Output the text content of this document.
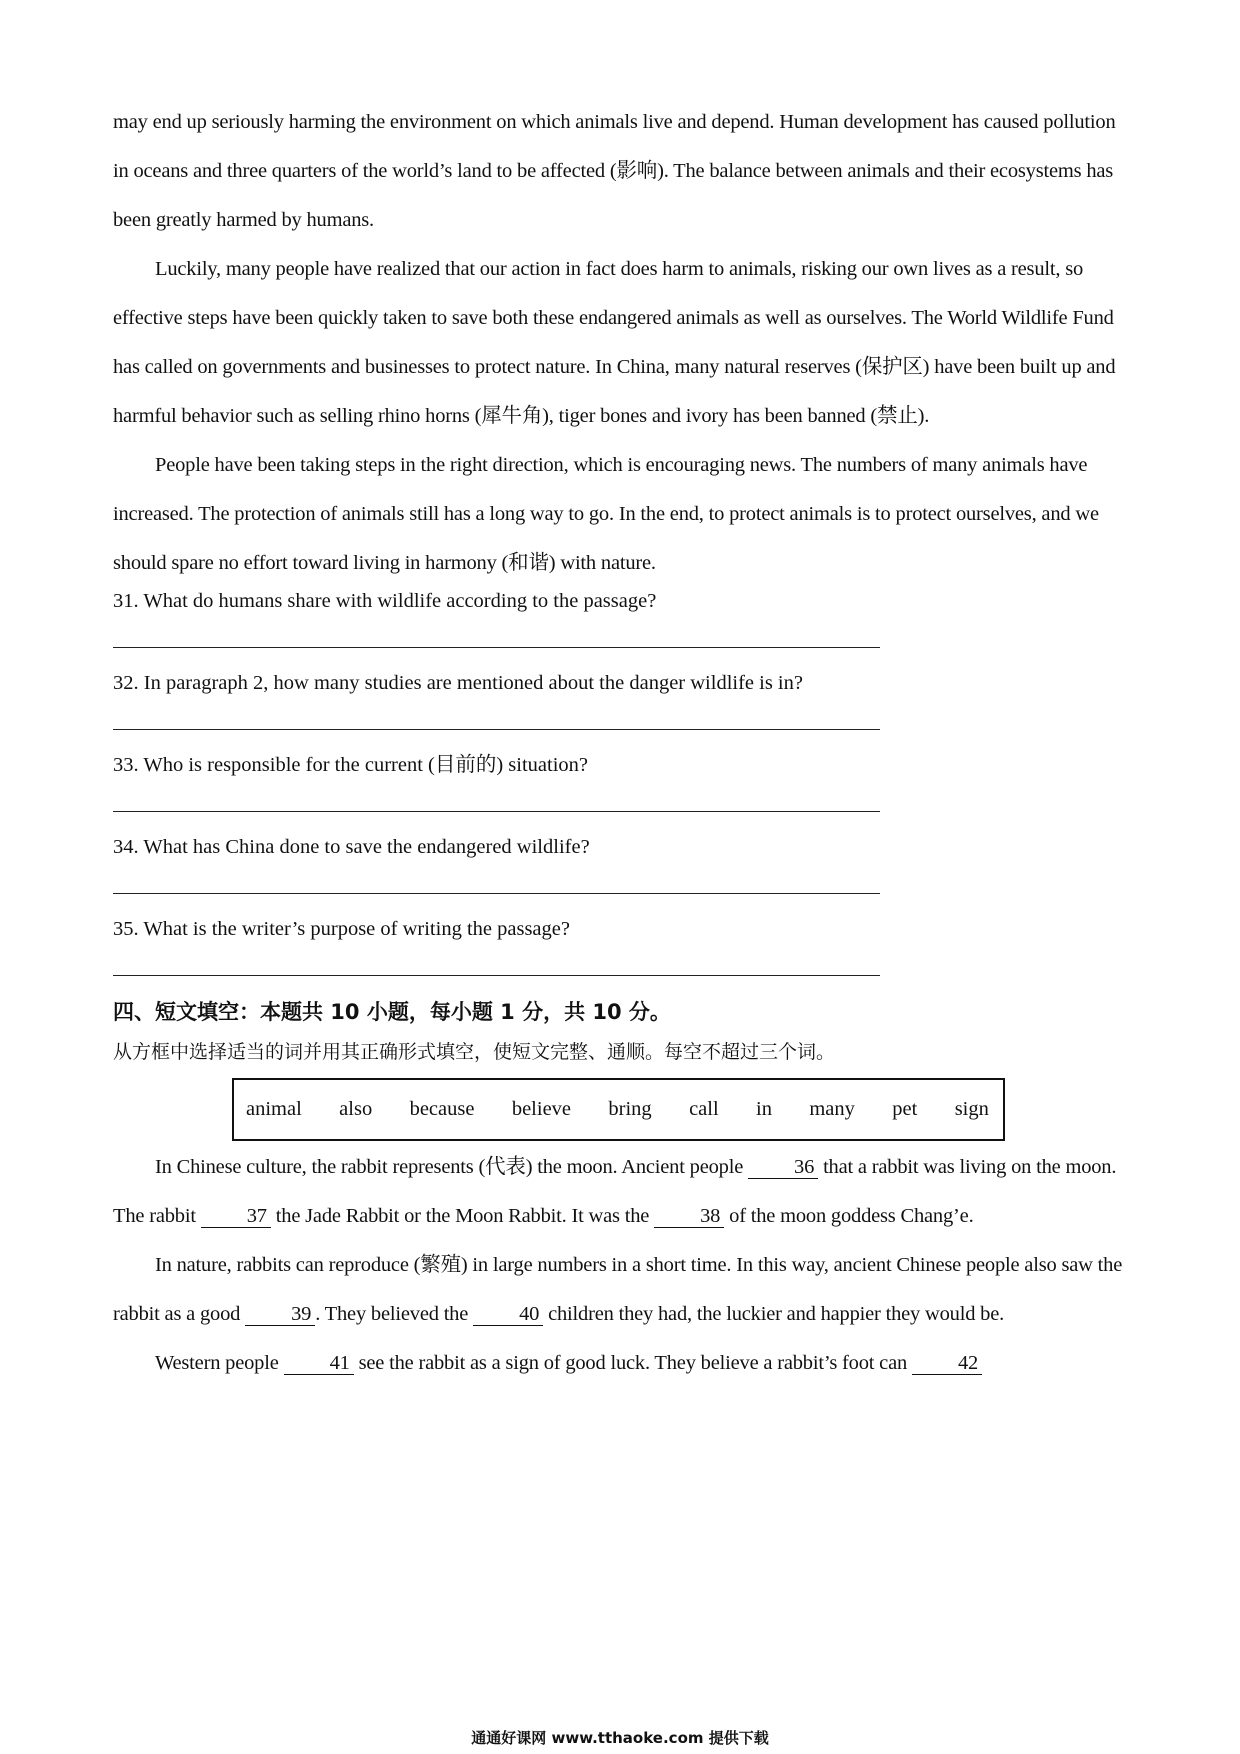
may end up seriously harming the environment on which animals live and depend. Human development has caused pollution in oceans and three quarters of the world’s land to be affected (影响). The balance between animals and their ecosystems has been greatly harmed by humans.

Luckily, many people have realized that our action in fact does harm to animals, risking our own lives as a result, so effective steps have been quickly taken to save both these endangered animals as well as ourselves. The World Wildlife Fund has called on governments and businesses to protect nature. In China, many natural reserves (保护区) have been built up and harmful behavior such as selling rhino horns (犀牛角), tiger bones and ivory has been banned (禁止).

People have been taking steps in the right direction, which is encouraging news. The numbers of many animals have increased. The protection of animals still has a long way to go. In the end, to protect animals is to protect ourselves, and we should spare no effort toward living in harmony (和谐) with nature.

31. What do humans share with wildlife according to the passage?

32. In paragraph 2, how many studies are mentioned about the danger wildlife is in?

33. Who is responsible for the current (目前的) situation?

34. What has China done to save the endangered wildlife?

35. What is the writer’s purpose of writing the passage?

四、短文填空：本题共 10 小题，每小题 1 分，共 10 分。

从方框中选择适当的词并用其正确形式填空，使短文完整、通顺。每空不超过三个词。

animal also because believe bring call in many pet sign

In Chinese culture, the rabbit represents (代表) the moon. Ancient people 36 that a rabbit was living on the moon. The rabbit 37 the Jade Rabbit or the Moon Rabbit. It was the 38 of the moon goddess Chang’e.

In nature, rabbits can reproduce (繁殖) in large numbers in a short time. In this way, ancient Chinese people also saw the rabbit as a good 39 . They believed the 40 children they had, the luckier and happier they would be.

Western people 41 see the rabbit as a sign of good luck. They believe a rabbit’s foot can 42

通通好课网 www.tthaoke.com 提供下载
